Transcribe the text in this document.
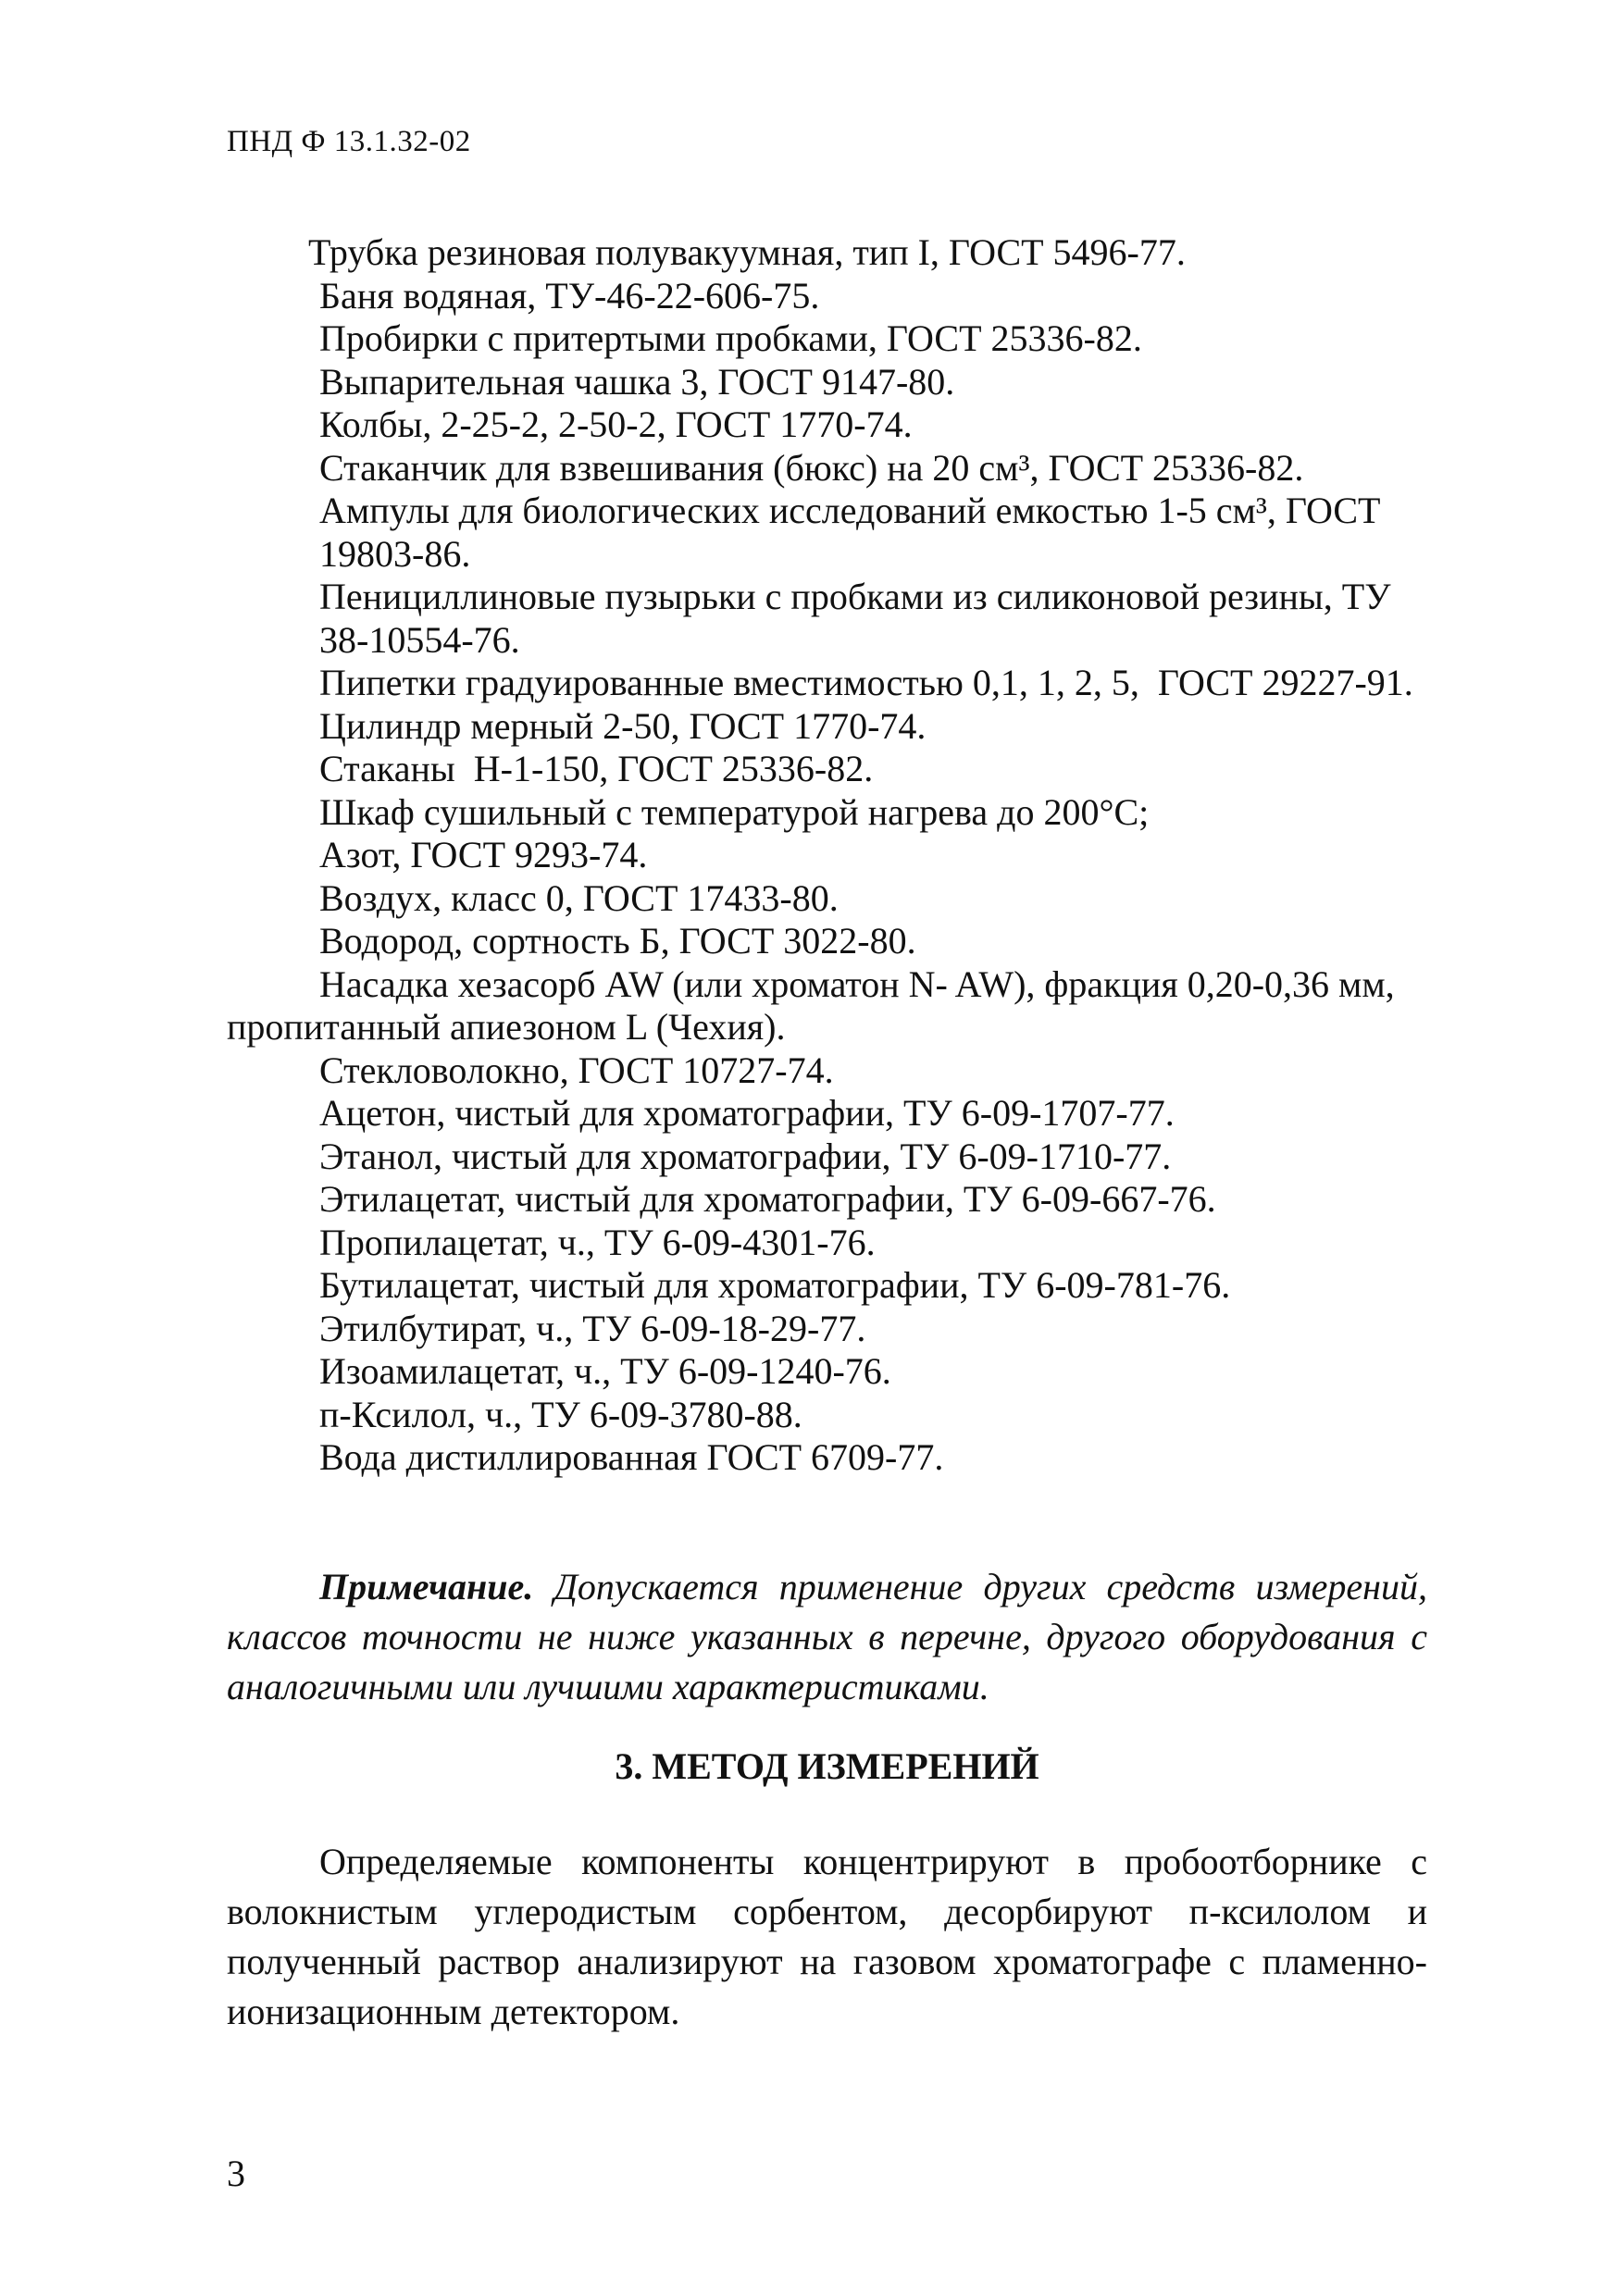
ПНД Ф 13.1.32-02
Трубка резиновая полувакуумная, тип I, ГОСТ 5496-77.
Баня водяная, ТУ-46-22-606-75.
Пробирки с притертыми пробками, ГОСТ 25336-82.
Выпарительная чашка 3, ГОСТ 9147-80.
Колбы, 2-25-2, 2-50-2, ГОСТ 1770-74.
Стаканчик для взвешивания (бюкс) на 20 см³, ГОСТ 25336-82.
Ампулы для биологических исследований емкостью 1-5 см³, ГОСТ 19803-86.
Пенициллиновые пузырьки с пробками из силиконовой резины, ТУ 38-10554-76.
Пипетки градуированные вместимостью 0,1, 1, 2, 5,  ГОСТ 29227-91.
Цилиндр мерный 2-50, ГОСТ 1770-74.
Стаканы  Н-1-150, ГОСТ 25336-82.
Шкаф сушильный с температурой нагрева до 200°С;
Азот, ГОСТ 9293-74.
Воздух, класс 0, ГОСТ 17433-80.
Водород, сортность Б, ГОСТ 3022-80.
Насадка хезасорб AW (или хроматон N- AW), фракция 0,20-0,36 мм, пропитанный апиезоном L (Чехия).
Стекловолокно, ГОСТ 10727-74.
Ацетон, чистый для хроматографии, ТУ 6-09-1707-77.
Этанол, чистый для хроматографии, ТУ 6-09-1710-77.
Этилацетат, чистый для хроматографии, ТУ 6-09-667-76.
Пропилацетат, ч., ТУ 6-09-4301-76.
Бутилацетат, чистый для хроматографии, ТУ 6-09-781-76.
Этилбутират, ч., ТУ 6-09-18-29-77.
Изоамилацетат, ч., ТУ 6-09-1240-76.
п-Ксилол, ч., ТУ 6-09-3780-88.
Вода дистиллированная ГОСТ 6709-77.
Примечание. Допускается применение других средств измерений, классов точности не ниже указанных в перечне, другого оборудования с аналогичными или лучшими характеристиками.
3. МЕТОД ИЗМЕРЕНИЙ
Определяемые компоненты концентрируют в пробоотборнике с волокнистым углеродистым сорбентом, десорбируют п-ксилолом и полученный раствор анализируют на газовом хроматографе с пламенно-ионизационным детектором.
3
